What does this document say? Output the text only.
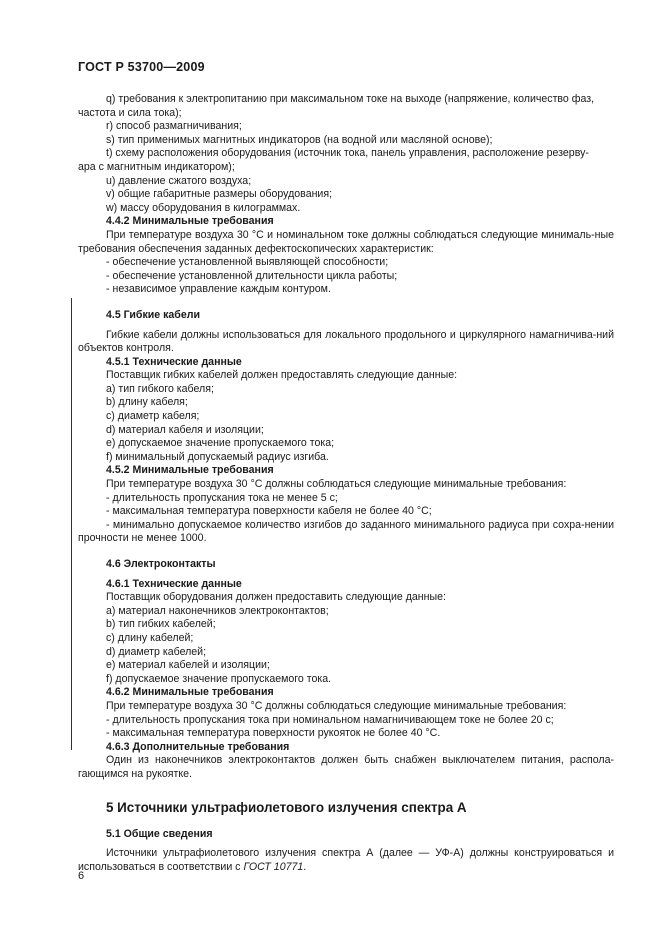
ГОСТ Р 53700—2009

q) требования к электропитанию при максимальном токе на выходе (напряжение, количество фаз,

частота и сила тока);

r) способ размагничивания;

s) тип применимых магнитных индикаторов (на водной или масляной основе);

t) схему расположения оборудования (источник тока, панель управления, расположение резерву-

ара с магнитным индикатором);

u) давление сжатого воздуха;

v) общие габаритные размеры оборудования;

w) массу оборудования в килограммах.

4.4.2 Минимальные требования

При температуре воздуха 30 °С и номинальном токе должны соблюдаться следующие минималь-ные требования обеспечения заданных дефектоскопических характеристик:

- обеспечение установленной выявляющей способности;

- обеспечение установленной длительности цикла работы;

- независимое управление каждым контуром.

4.5 Гибкие кабели

Гибкие кабели должны использоваться для локального продольного и циркулярного намагничива-ний объектов контроля.

4.5.1 Технические данные

Поставщик гибких кабелей должен предоставлять следующие данные:

a) тип гибкого кабеля;

b) длину кабеля;

c) диаметр кабеля;

d) материал кабеля и изоляции;

e) допускаемое значение пропускаемого тока;

f) минимальный допускаемый радиус изгиба.

4.5.2 Минимальные требования

При температуре воздуха 30 °С должны соблюдаться следующие минимальные требования:

- длительность пропускания тока не менее 5 с;

- максимальная температура поверхности кабеля не более 40 °С;

- минимально допускаемое количество изгибов до заданного минимального радиуса при сохра-нении прочности не менее 1000.

4.6 Электроконтакты

4.6.1 Технические данные

Поставщик оборудования должен предоставить следующие данные:

a) материал наконечников электроконтактов;

b) тип гибких кабелей;

c) длину кабелей;

d) диаметр кабелей;

e) материал кабелей и изоляции;

f) допускаемое значение пропускаемого тока.

4.6.2 Минимальные требования

При температуре воздуха 30 °С должны соблюдаться следующие минимальные требования:

- длительность пропускания тока при номинальном намагничивающем токе не более 20 с;

- максимальная температура поверхности рукояток не более 40 °С.

4.6.3 Дополнительные требования

Один из наконечников электроконтактов должен быть снабжен выключателем питания, распола-гающимся на рукоятке.

5 Источники ультрафиолетового излучения спектра А

5.1 Общие сведения

Источники ультрафиолетового излучения спектра А (далее — УФ-А) должны конструироваться и использоваться в соответствии с ГОСТ 10771.

6
